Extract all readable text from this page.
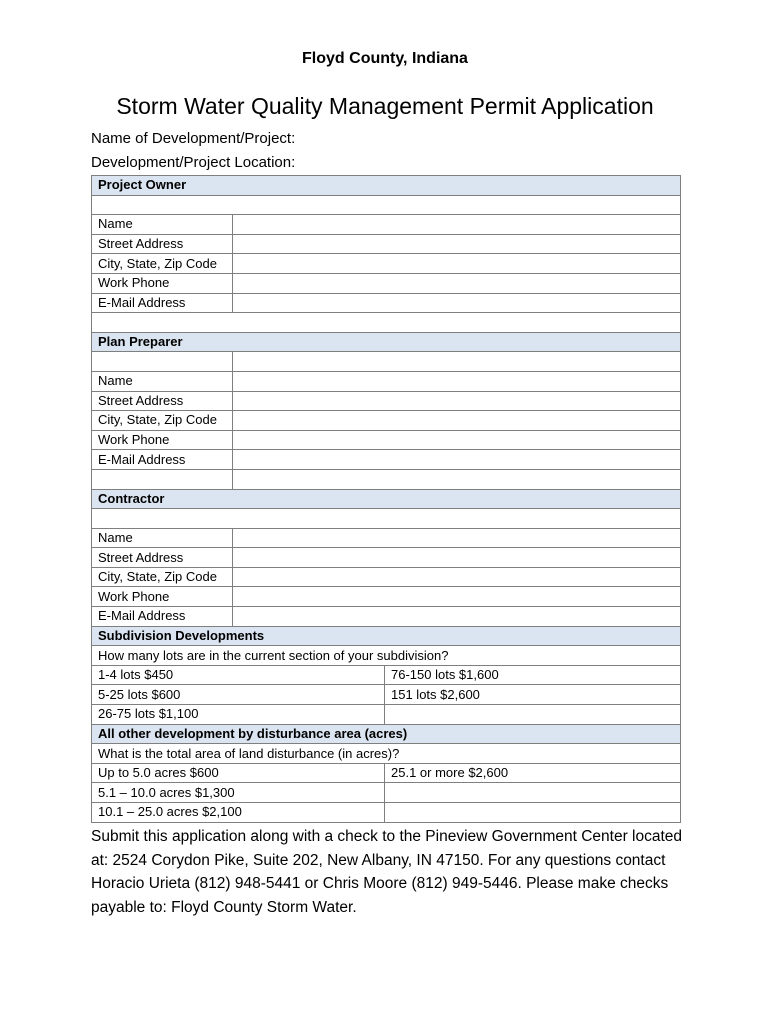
Floyd County, Indiana
Storm Water Quality Management Permit Application
Name of Development/Project:
Development/Project Location:
Project Owner		

Name		
Street Address		
City, State, Zip Code		
Work Phone		
E-Mail Address		

Plan Preparer		

Name		
Street Address		
City, State, Zip Code		
Work Phone		
E-Mail Address		

Contractor		

Name		
Street Address		
City, State, Zip Code		
Work Phone		
E-Mail Address		
Subdivision Developments		
How many lots are in the current section of your subdivision?		
1-4 lots $450		76-150 lots $1,600
5-25 lots $600		151 lots $2,600
26-75 lots $1,100		
All other development by disturbance area (acres)		
What is the total area of land disturbance (in acres)?		
Up to 5.0 acres $600		25.1 or more $2,600
5.1 – 10.0 acres $1,300		
10.1 – 25.0 acres $2,100		

Submit this application along with a check to the Pineview Government Center located at: 2524 Corydon Pike, Suite 202, New Albany, IN 47150. For any questions contact Horacio Urieta (812) 948-5441 or Chris Moore (812) 949-5446. Please make checks payable to: Floyd County Storm Water.
